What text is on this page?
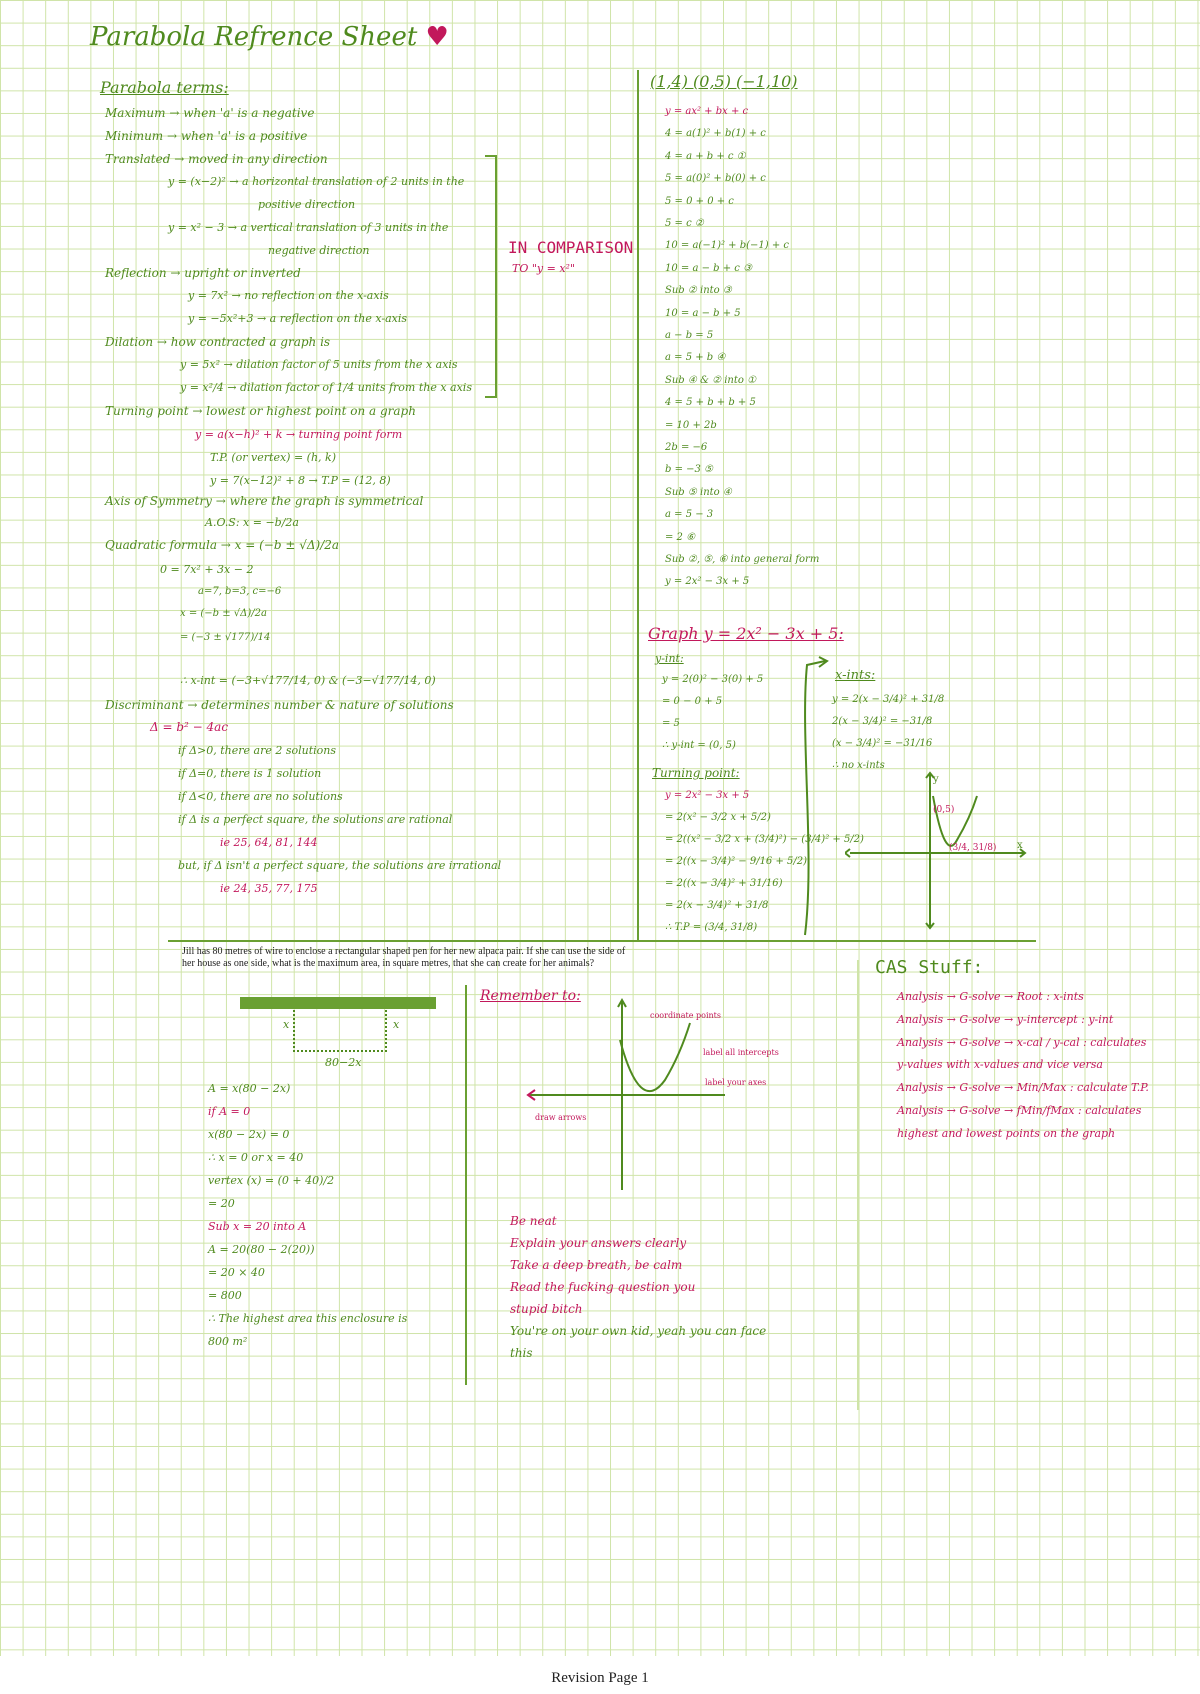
Parabola Refrence Sheet ♥
Parabola terms:
Maximum → when 'a' is a negative
Minimum → when 'a' is a positive
Translated → moved in any direction
y = (x−2)² → a horizontal translation of 2 units in the
positive direction
y = x² − 3 → a vertical translation of 3 units in the
negative direction
Reflection → upright or inverted
y = 7x² → no reflection on the x-axis
y = −5x²+3 → a reflection on the x-axis
Dilation → how contracted a graph is
y = 5x² → dilation factor of 5 units from the x axis
y = x²/4 → dilation factor of 1/4 units from the x axis
IN COMPARISON
TO "y = x²"
Turning point → lowest or highest point on a graph
y = a(x−h)² + k → turning point form
T.P. (or vertex) = (h, k)
y = 7(x−12)² + 8 → T.P = (12, 8)
Axis of Symmetry → where the graph is symmetrical
A.O.S: x = −b/2a
Quadratic formula → x = (−b ± √Δ)/2a
0 = 7x² + 3x − 2
a=7, b=3, c=−6
x = (−b ± √Δ)/2a
= (−3 ± √177)/14
∴ x-int = (−3+√177/14, 0) & (−3−√177/14, 0)
Discriminant → determines number & nature of solutions
Δ = b² − 4ac
if Δ>0, there are 2 solutions
if Δ=0, there is 1 solution
if Δ<0, there are no solutions
if Δ is a perfect square, the solutions are rational
ie 25, 64, 81, 144
but, if Δ isn't a perfect square, the solutions are irrational
ie 24, 35, 77, 175
(1,4) (0,5) (−1,10)
y = ax² + bx + c
4 = a(1)² + b(1) + c
4 = a + b + c ①
5 = a(0)² + b(0) + c
5 = 0 + 0 + c
5 = c ②
10 = a(−1)² + b(−1) + c
10 = a − b + c ③
Sub ② into ③
10 = a − b + 5
a − b = 5
a = 5 + b ④
Sub ④ & ② into ①
4 = 5 + b + b + 5
= 10 + 2b
2b = −6
b = −3 ⑤
Sub ⑤ into ④
a = 5 − 3
= 2 ⑥
Sub ②, ⑤, ⑥ into general form
y = 2x² − 3x + 5
Graph y = 2x² − 3x + 5:
y-int:
y = 2(0)² − 3(0) + 5
= 0 − 0 + 5
= 5
∴ y-int = (0, 5)
Turning point:
y = 2x² − 3x + 5
= 2(x² − 3/2 x + 5/2)
= 2((x² − 3/2 x + (3/4)²) − (3/4)² + 5/2)
= 2((x − 3/4)² − 9/16 + 5/2)
= 2((x − 3/4)² + 31/16)
= 2(x − 3/4)² + 31/8
∴ T.P = (3/4, 31/8)
x-ints:
y = 2(x − 3/4)² + 31/8
2(x − 3/4)² = −31/8
(x − 3/4)² = −31/16
∴ no x-ints
y
x
(0,5)
(3/4, 31/8)
Jill has 80 metres of wire to enclose a rectangular shaped pen for her new alpaca pair. If she can use the side of
her house as one side, what is the maximum area, in square metres, that she can create for her animals?
x	x
80−2x
A = x(80 − 2x)
if A = 0
x(80 − 2x) = 0
∴ x = 0 or x = 40
vertex (x) = (0 + 40)/2
= 20
Sub x = 20 into A
A = 20(80 − 2(20))
= 20 × 40
= 800
∴ The highest area this enclosure is
800 m²
Remember to:
coordinate points
label all intercepts
draw arrows
label your axes
Be neat
Explain your answers clearly
Take a deep breath, be calm
Read the fucking question you
stupid bitch
You're on your own kid, yeah you can face
this
CAS Stuff:
Analysis → G-solve → Root : x-ints
Analysis → G-solve → y-intercept : y-int
Analysis → G-solve → x-cal / y-cal : calculates
y-values with x-values and vice versa
Analysis → G-solve → Min/Max : calculate T.P.
Analysis → G-solve → fMin/fMax : calculates
highest and lowest points on the graph
Revision Page 1
